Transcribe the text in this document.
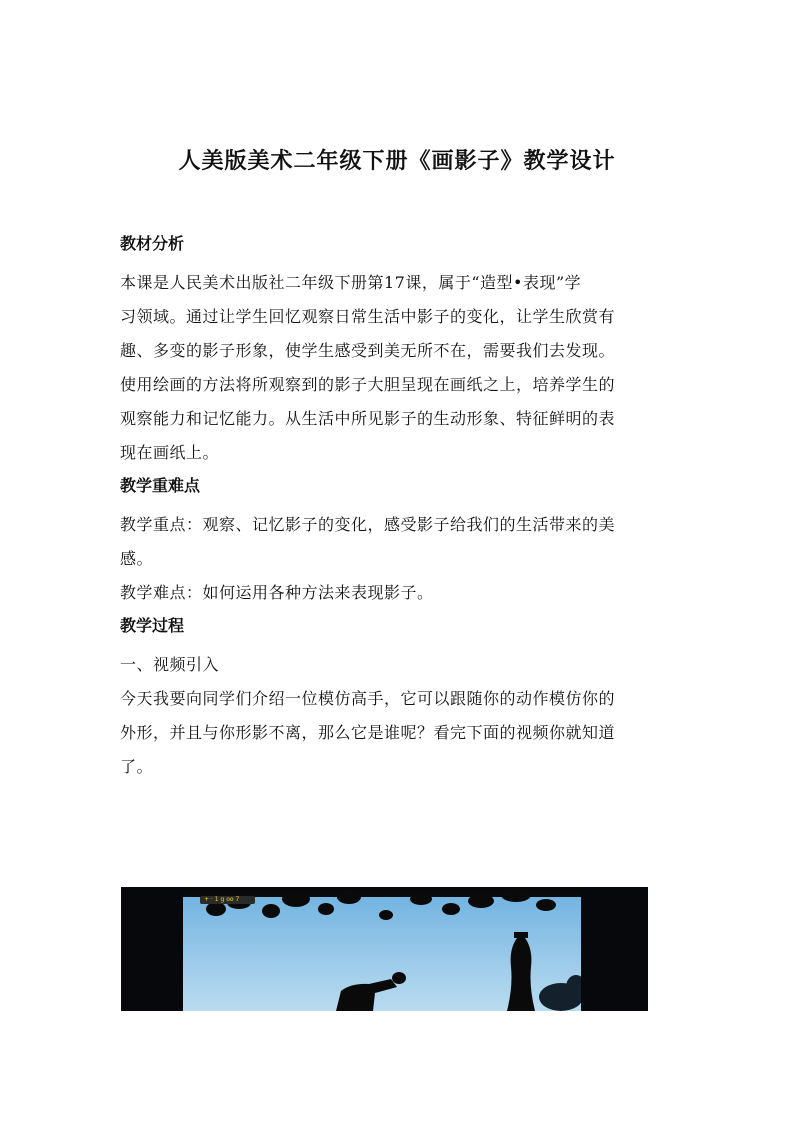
人美版美术二年级下册《画影子》教学设计

教材分析

本课是人民美术出版社二年级下册第17课，属于“造型•表现”学

习领域。通过让学生回忆观察日常生活中影子的变化，让学生欣赏有

趣、多变的影子形象，使学生感受到美无所不在，需要我们去发现。

使用绘画的方法将所观察到的影子大胆呈现在画纸之上，培养学生的

观察能力和记忆能力。从生活中所见影子的生动形象、特征鲜明的表

现在画纸上。

教学重难点

教学重点：观察、记忆影子的变化，感受影子给我们的生活带来的美

感。

教学难点：如何运用各种方法来表现影子。

教学过程

一、视频引入

今天我要向同学们介绍一位模仿高手，它可以跟随你的动作模仿你的

外形，并且与你形影不离，那么它是谁呢？看完下面的视频你就知道

了。

+ · 1 g oo 7
